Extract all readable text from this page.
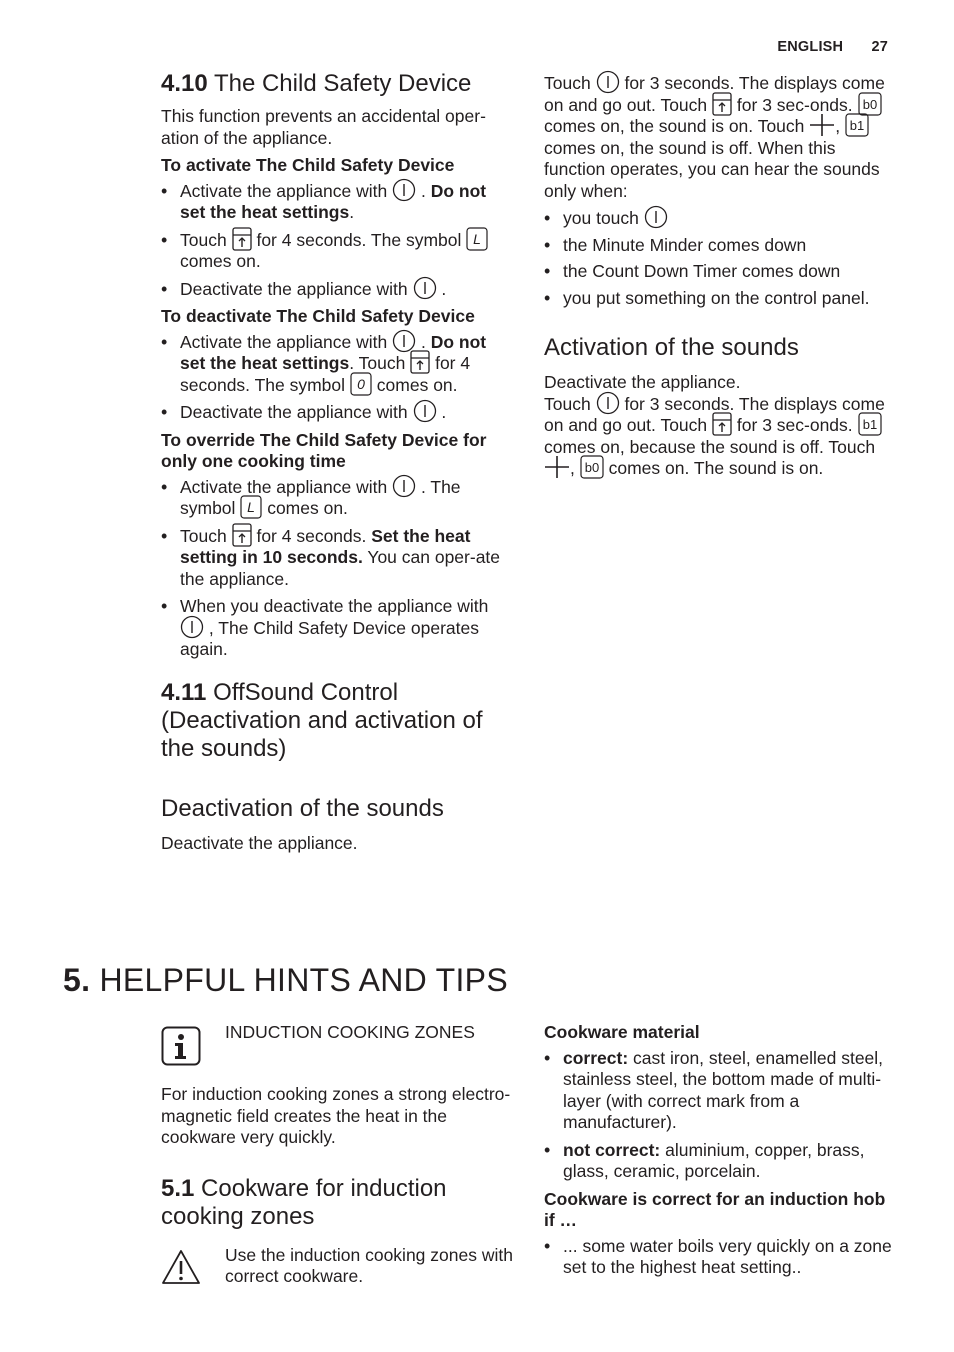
ENGLISH 27
4.10 The Child Safety Device

This function prevents an accidental oper-ation of the appliance.

To activate The Child Safety Device
• Activate the appliance with . Do not set the heat settings.
• Touch for 4 seconds. The symbol L
comes on.
• Deactivate the appliance with .
To deactivate The Child Safety Device
• Activate the appliance with . Do not set the heat settings. Touch for 4 seconds. The symbol 0 comes on.
• Deactivate the appliance with .
To override The Child Safety Device for only one cooking time
• Activate the appliance with . The symbol L comes on.
• Touch for 4 seconds. Set the heat setting in 10 seconds. You can oper-ate the appliance.
• When you deactivate the appliance with
, The Child Safety Device operates again.
4.11 OffSound Control (Deactivation and activation of the sounds)
Deactivation of the sounds

Deactivate the appliance.

Touch for 3 seconds. The displays come on and go out. Touch for 3 sec-onds. b0
comes on, the sound is on. Touch , b1
comes on, the sound is off. When this function operates, you can hear the sounds only when:

• you touch
• the Minute Minder comes down
• the Count Down Timer comes down
• you put something on the control panel.
Activation of the sounds

Deactivate the appliance.

Touch for 3 seconds. The displays come on and go out. Touch for 3 sec-onds. b1
comes on, because the sound is off. Touch
, b0 comes on. The sound is on.

5. HELPFUL HINTS AND TIPS
INDUCTION COOKING ZONES

For induction cooking zones a strong electro-magnetic field creates the heat in the cookware very quickly.

5.1 Cookware for induction cooking zones
Use the induction cooking zones with correct cookware.
Cookware material
• correct: cast iron, steel, enamelled steel, stainless steel, the bottom made of multi-layer (with correct mark from a manufacturer).
• not correct: aluminium, copper, brass, glass, ceramic, porcelain.
Cookware is correct for an induction hob if …
• ... some water boils very quickly on a zone set to the highest heat setting..
